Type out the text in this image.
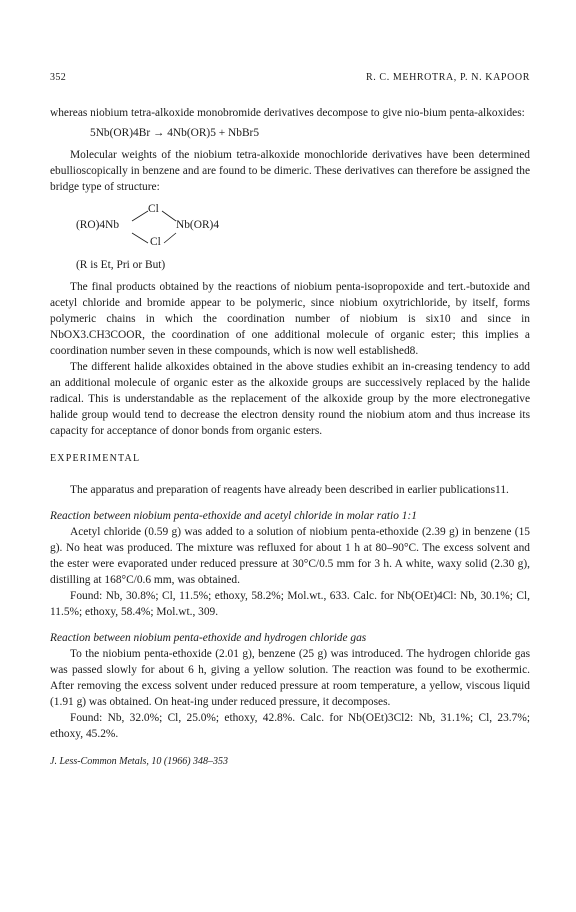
352	R. C. MEHROTRA, P. N. KAPOOR

whereas niobium tetra-alkoxide monobromide derivatives decompose to give nio-bium penta-alkoxides:

5Nb(OR)4Br → 4Nb(OR)5 + NbBr5

Molecular weights of the niobium tetra-alkoxide monochloride derivatives have been determined ebullioscopically in benzene and are found to be dimeric. These derivatives can therefore be assigned the bridge type of structure:

(RO)4Nb
Cl
Cl
Nb(OR)4
(R is Et, Pri or But)

The final products obtained by the reactions of niobium penta-isopropoxide and tert.-butoxide and acetyl chloride and bromide appear to be polymeric, since niobium oxytrichloride, by itself, forms polymeric chains in which the coordination number of niobium is six10 and since in NbOX3.CH3COOR, the coordination of one additional molecule of organic ester; this implies a coordination number seven in these compounds, which is now well established8.

The different halide alkoxides obtained in the above studies exhibit an in-creasing tendency to add an additional molecule of organic ester as the alkoxide groups are successively replaced by the halide radical. This is understandable as the replacement of the alkoxide group by the more electronegative halide group would tend to decrease the electron density round the niobium atom and thus increase its capacity for acceptance of donor bonds from organic esters.

EXPERIMENTAL

The apparatus and preparation of reagents have already been described in earlier publications11.

Reaction between niobium penta-ethoxide and acetyl chloride in molar ratio 1:1

Acetyl chloride (0.59 g) was added to a solution of niobium penta-ethoxide (2.39 g) in benzene (15 g). No heat was produced. The mixture was refluxed for about 1 h at 80–90°C. The excess solvent and the ester were evaporated under reduced pressure at 30°C/0.5 mm for 3 h. A white, waxy solid (2.30 g), distilling at 168°C/0.6 mm, was obtained.

Found: Nb, 30.8%; Cl, 11.5%; ethoxy, 58.2%; Mol.wt., 633. Calc. for Nb(OEt)4Cl: Nb, 30.1%; Cl, 11.5%; ethoxy, 58.4%; Mol.wt., 309.

Reaction between niobium penta-ethoxide and hydrogen chloride gas

To the niobium penta-ethoxide (2.01 g), benzene (25 g) was introduced. The hydrogen chloride gas was passed slowly for about 6 h, giving a yellow solution. The reaction was found to be exothermic. After removing the excess solvent under reduced pressure at room temperature, a yellow, viscous liquid (1.91 g) was obtained. On heat-ing under reduced pressure, it decomposes.

Found: Nb, 32.0%; Cl, 25.0%; ethoxy, 42.8%. Calc. for Nb(OEt)3Cl2: Nb, 31.1%; Cl, 23.7%; ethoxy, 45.2%.

J. Less-Common Metals, 10 (1966) 348–353
